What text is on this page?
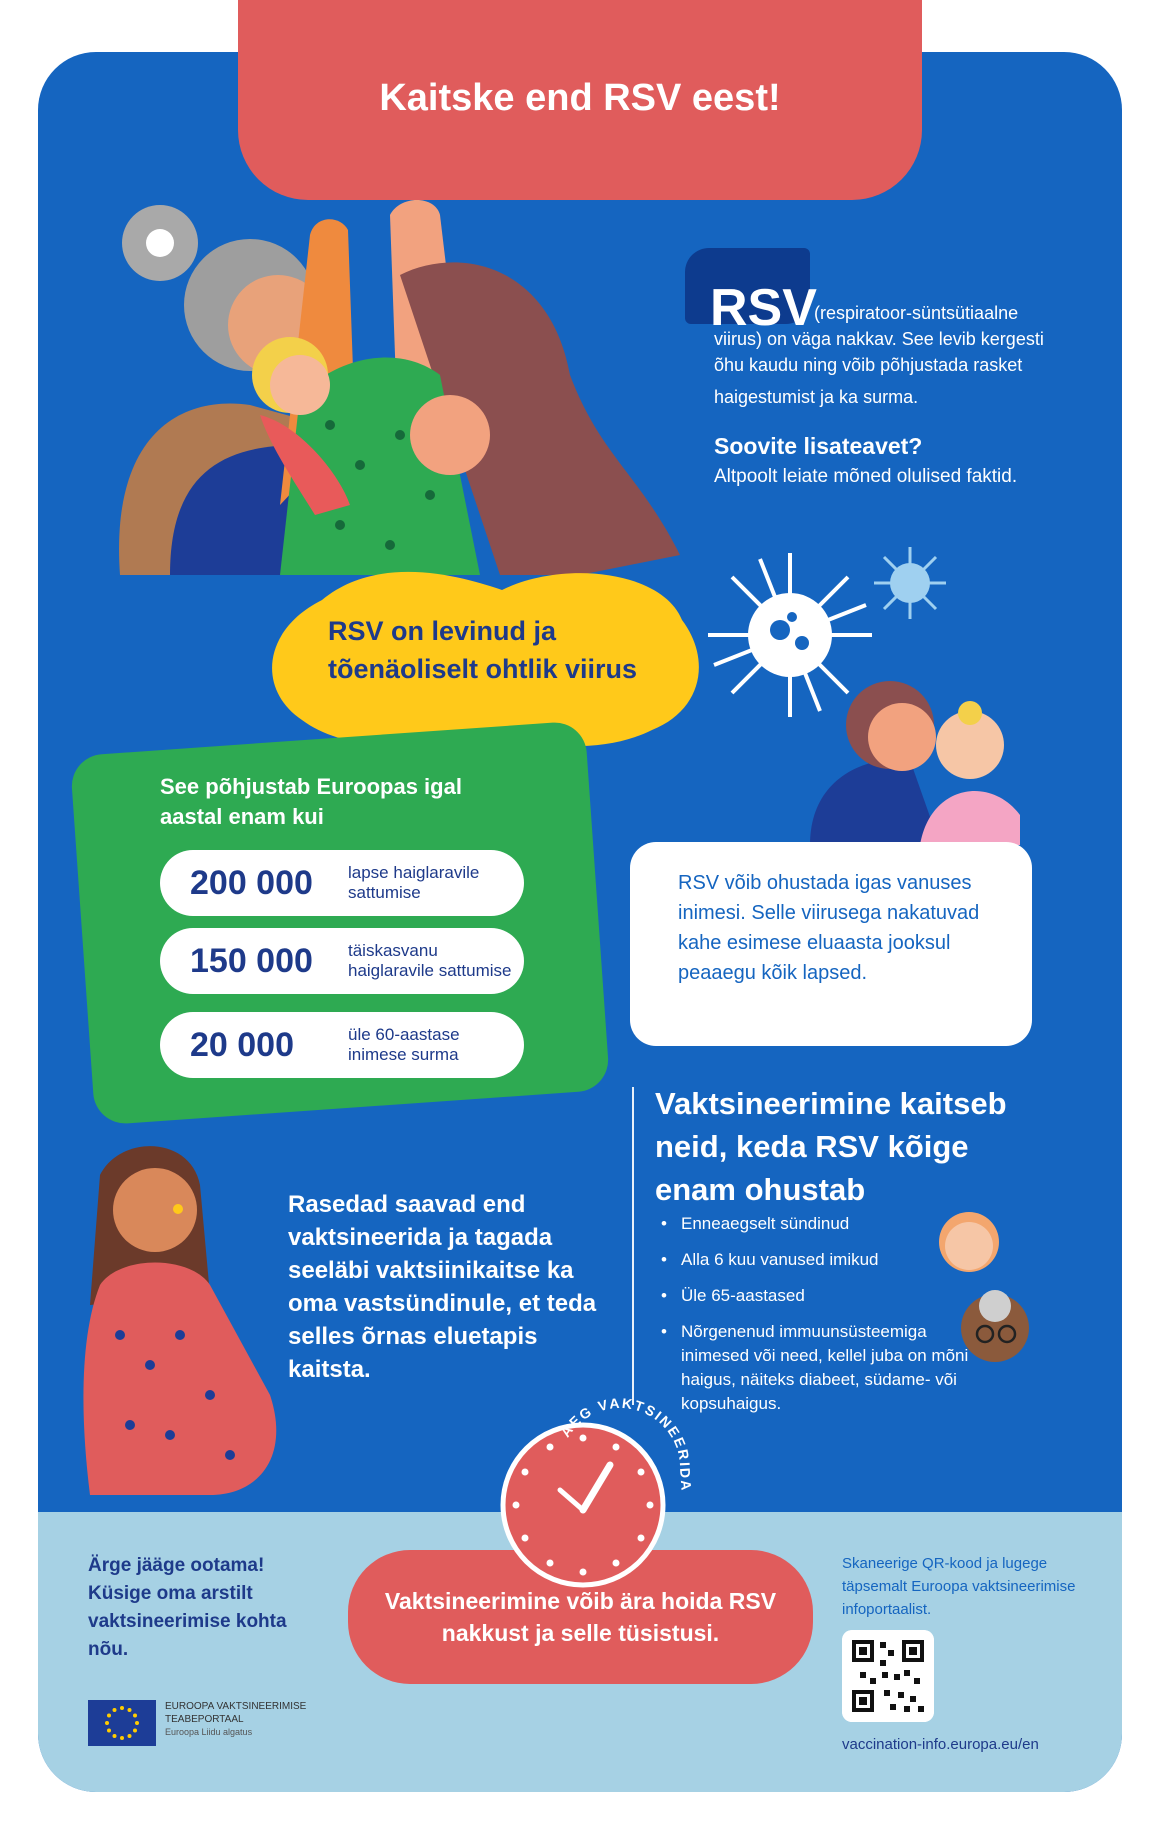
Kaitske end RSV eest!
RSV
(respiratoor-süntsütiaalne
viirus) on väga nakkav. See levib kergesti
õhu kaudu ning võib põhjustada rasket
haigestumist ja ka surma.
Soovite lisateavet?
Altpoolt leiate mõned olulised faktid.
RSV on levinud ja tõenäoliselt ohtlik viirus
See põhjustab Euroopas igal aastal enam kui
200 000 lapse haiglaravile sattumise
150 000 täiskasvanu haiglaravile sattumise
20 000	üle 60-aastase inimese surma
RSV võib ohustada igas vanuses inimesi. Selle viirusega nakatuvad kahe esimese eluaasta jooksul peaaegu kõik lapsed.
Vaktsineerimine kaitseb neid, keda RSV kõige enam ohustab
• Enneaegselt sündinud
• Alla 6 kuu vanused imikud
• Üle 65-aastased
• Nõrgenenud immuunsüsteemiga inimesed või need, kellel juba on mõni haigus, näiteks diabeet, südame- või kopsuhaigus.
Rasedad saavad end vaktsineerida ja tagada seeläbi vaktsiinikaitse ka oma vastsündinule, et teda selles õrnas eluetapis kaitsta.
Ärge jääge ootama! Küsige oma arstilt vaktsineerimise kohta nõu.
Vaktsineerimine võib ära hoida RSV nakkust ja selle tüsistusi.
AEG VAKTSINEERIDA
Skaneerige QR-kood ja lugege täpsemalt Euroopa vaktsineerimise infoportaalist.
vaccination-info.europa.eu/en
EUROOPA VAKTSINEERIMISE
TEABEPORTAAL
Euroopa Liidu algatus
